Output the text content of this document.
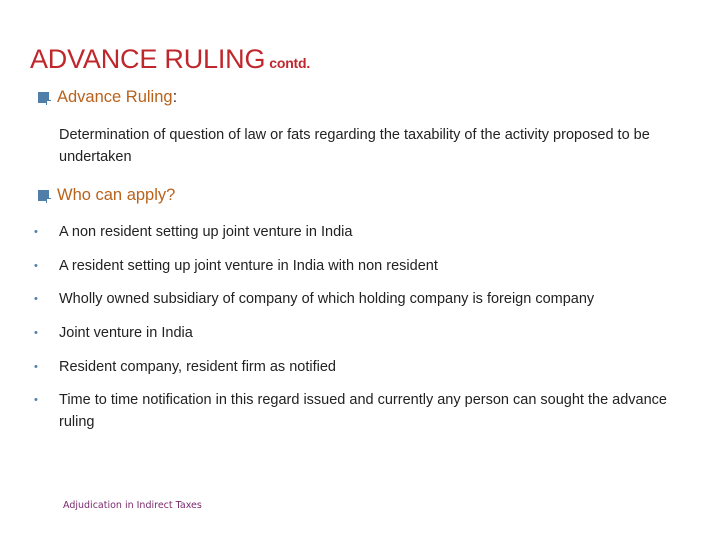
ADVANCE RULING contd.
Advance Ruling :
Determination of question of law or fats regarding the taxability of the activity proposed to be undertaken
Who can apply?
•	A non resident setting up joint venture in India
•	A resident setting up joint venture in India with non resident
•	Wholly owned subsidiary of company of which holding company is foreign company
•	Joint venture in India
•	Resident company, resident firm as notified
•	Time to time notification in this regard issued and currently any person can sought the advance ruling
Adjudication in Indirect Taxes
